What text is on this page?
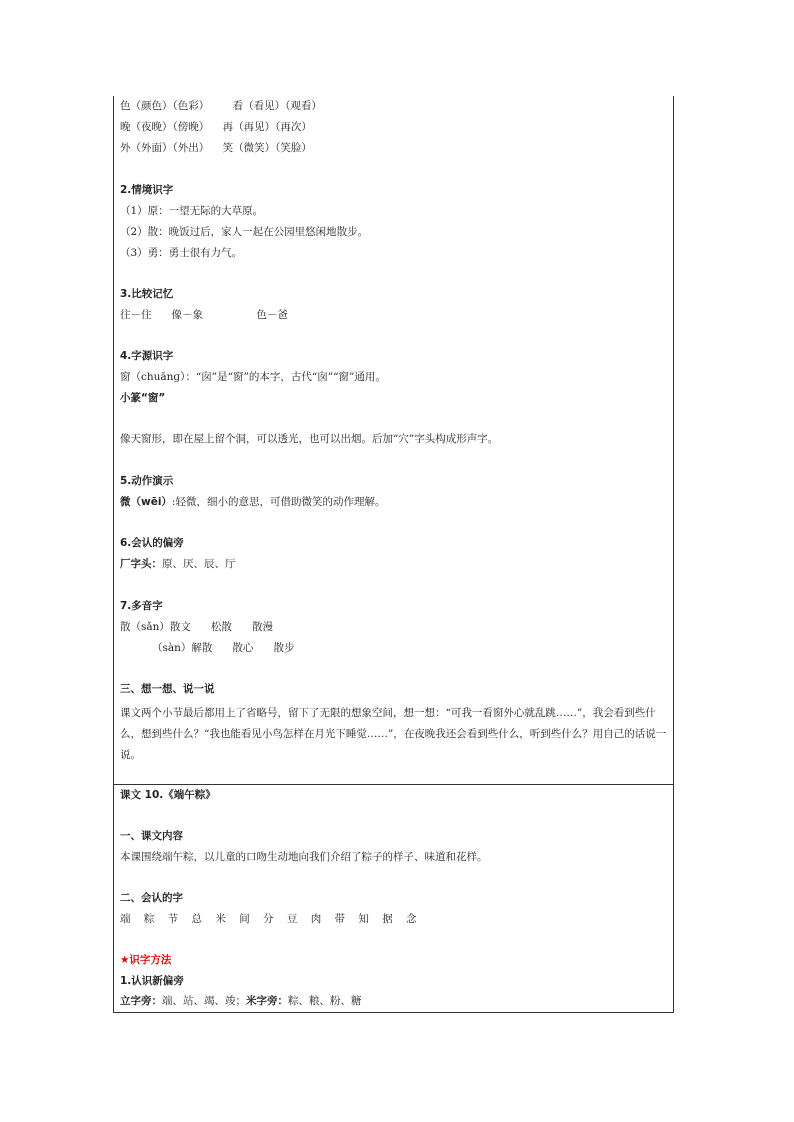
色（颜色）（色彩）       看（看见）（观看）
晚（夜晚）（傍晚）    再（再见）（再次）
外（外面）（外出）    笑（微笑）（笑脸）
2.情境识字
（1）原：一望无际的大草原。
（2）散：晚饭过后，家人一起在公园里悠闲地散步。
（3）勇：勇士很有力气。
3.比较记忆
往－住      像－象                色－爸
4.字源识字
窗（chuānɡ）：“囱”是“窗”的本字，古代“囱”“窗”通用。
小篆“窗”
像天窗形，即在屋上留个洞，可以透光，也可以出烟。后加“穴”字头构成形声字。
5.动作演示
微（wēi）:轻微，细小的意思，可借助微笑的动作理解。
6.会认的偏旁
厂字头：原、厌、辰、厅
7.多音字
散（sǎn）散文      松散      散漫
（sàn）解散      散心      散步
三、想一想、说一说
课文两个小节最后都用上了省略号，留下了无限的想象空间，想一想：“可我一看窗外心就乱跳……”，我会看到些什么，想到些什么？“我也能看见小鸟怎样在月光下睡觉……”，在夜晚我还会看到些什么，听到些什么？用自己的话说一说。
课文 10.《端午粽》
一、课文内容
本课围绕端午粽，以儿童的口吻生动地向我们介绍了粽子的样子、味道和花样。
二、会认的字
端 粽 节 总 米 间 分 豆 肉 带 知 据 念
★识字方法
1.认识新偏旁
立字旁：端、站、竭、竣；米字旁：粽、粮、粉、糖
